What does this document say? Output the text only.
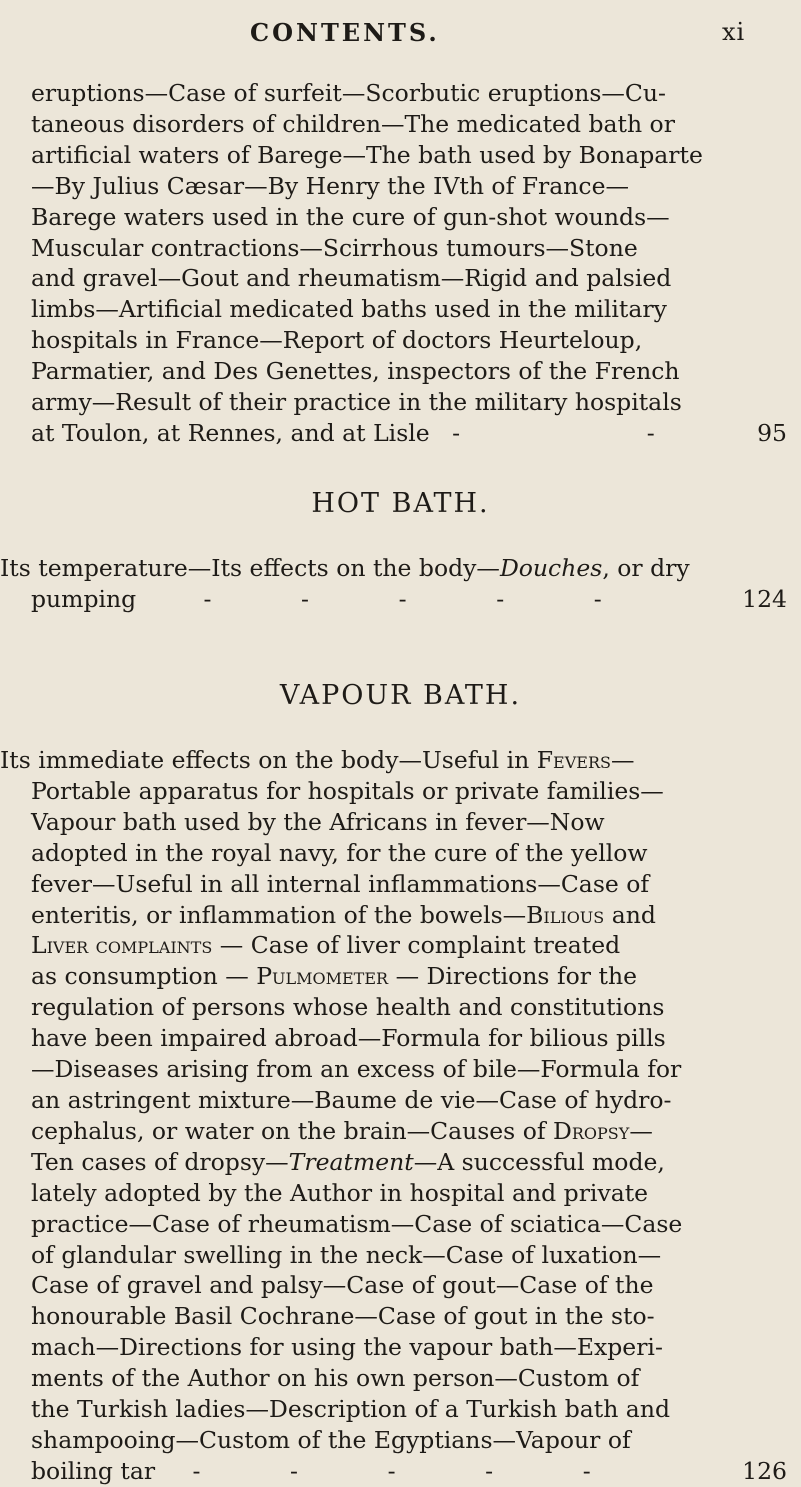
CONTENTS.	xi
eruptions—Case of surfeit—Scorbutic eruptions—Cu-
taneous disorders of children—The medicated bath or
artificial waters of Barege—The bath used by Bonaparte
—By Julius Cæsar—By Henry the IVth of France—
Barege waters used in the cure of gun-shot wounds—
Muscular contractions—Scirrhous tumours—Stone
and gravel—Gout and rheumatism—Rigid and palsied
limbs—Artificial medicated baths used in the military
hospitals in France—Report of doctors Heurteloup,
Parmatier, and Des Genettes, inspectors of the French
army—Result of their practice in the military hospitals
at Toulon, at Rennes, and at Lisle   -                         -	95
HOT BATH.
Its temperature—Its effects on the body—Douches, or dry
pumping         -            -            -            -            -	124
VAPOUR BATH.
Its immediate effects on the body—Useful in Fevers—
Portable apparatus for hospitals or private families—
Vapour bath used by the Africans in fever—Now
adopted in the royal navy, for the cure of the yellow
fever—Useful in all internal inflammations—Case of
enteritis, or inflammation of the bowels—Bilious and
Liver complaints — Case of liver complaint treated
as consumption — Pulmometer — Directions for the
regulation of persons whose health and constitutions
have been impaired abroad—Formula for bilious pills
—Diseases arising from an excess of bile—Formula for
an astringent mixture—Baume de vie—Case of hydro-
cephalus, or water on the brain—Causes of Dropsy—
Ten cases of dropsy—Treatment—A successful mode,
lately adopted by the Author in hospital and private
practice—Case of rheumatism—Case of sciatica—Case
of glandular swelling in the neck—Case of luxation—
Case of gravel and palsy—Case of gout—Case of the
honourable Basil Cochrane—Case of gout in the sto-
mach—Directions for using the vapour bath—Experi-
ments of the Author on his own person—Custom of
the Turkish ladies—Description of a Turkish bath and
shampooing—Custom of the Egyptians—Vapour of
boiling tar     -            -            -            -            -	126
